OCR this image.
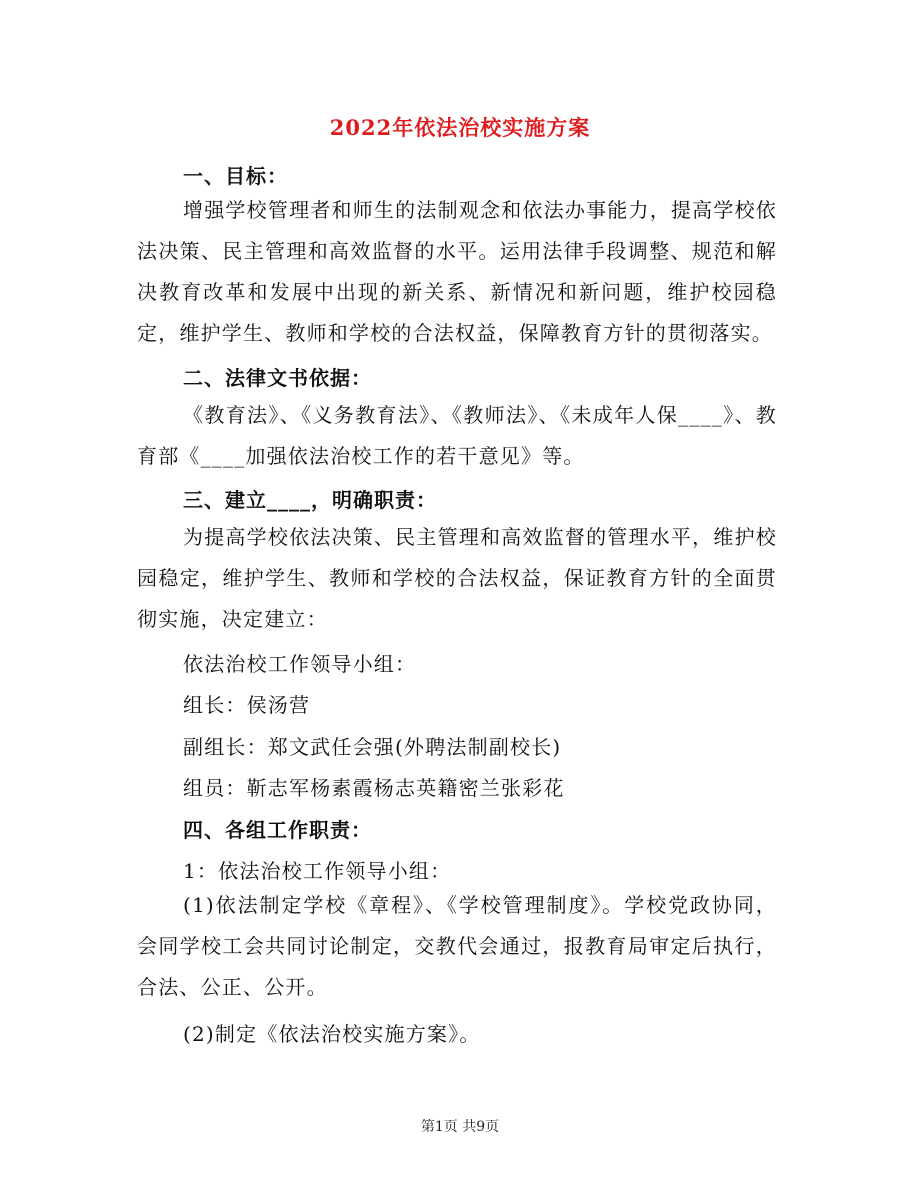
2022年依法治校实施方案
一、目标：
增强学校管理者和师生的法制观念和依法办事能力，提高学校依法决策、民主管理和高效监督的水平。运用法律手段调整、规范和解决教育改革和发展中出现的新关系、新情况和新问题，维护校园稳定，维护学生、教师和学校的合法权益，保障教育方针的贯彻落实。
二、法律文书依据：
《教育法》、《义务教育法》、《教师法》、《未成年人保____》、教育部《____加强依法治校工作的若干意见》等。
三、建立____，明确职责：
为提高学校依法决策、民主管理和高效监督的管理水平，维护校园稳定，维护学生、教师和学校的合法权益，保证教育方针的全面贯彻实施，决定建立：
依法治校工作领导小组：
组长：侯汤营
副组长：郑文武任会强(外聘法制副校长)
组员：靳志军杨素霞杨志英籍密兰张彩花
四、各组工作职责：
1：依法治校工作领导小组：
(1)依法制定学校《章程》、《学校管理制度》。学校党政协同，会同学校工会共同讨论制定，交教代会通过，报教育局审定后执行，合法、公正、公开。
(2)制定《依法治校实施方案》。
第1页 共9页
